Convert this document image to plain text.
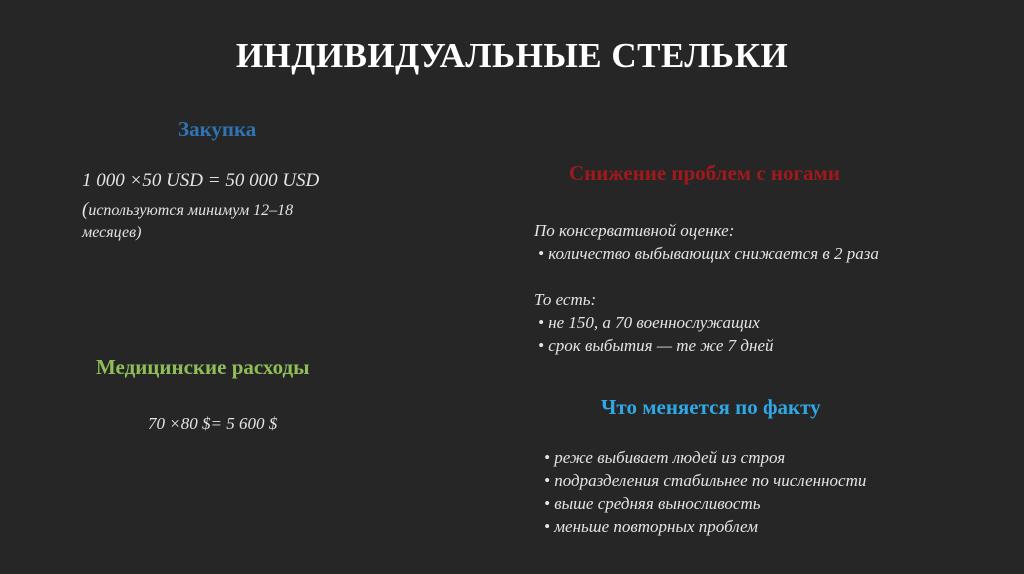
ИНДИВИДУАЛЬНЫЕ СТЕЛЬКИ
Закупка
1 000 ×50 USD = 50 000 USD
(используются минимум 12–18 месяцев)
Медицинские расходы
70 ×80 $= 5 600 $
Снижение проблем с ногами
По консервативной оценке:
• количество выбывающих снижается в 2 раза
То есть:
• не 150, а 70 военнослужащих
• срок выбытия — те же 7 дней
Что меняется по факту
• реже выбивает людей из строя
• подразделения стабильнее по численности
• выше средняя выносливость
• меньше повторных проблем
